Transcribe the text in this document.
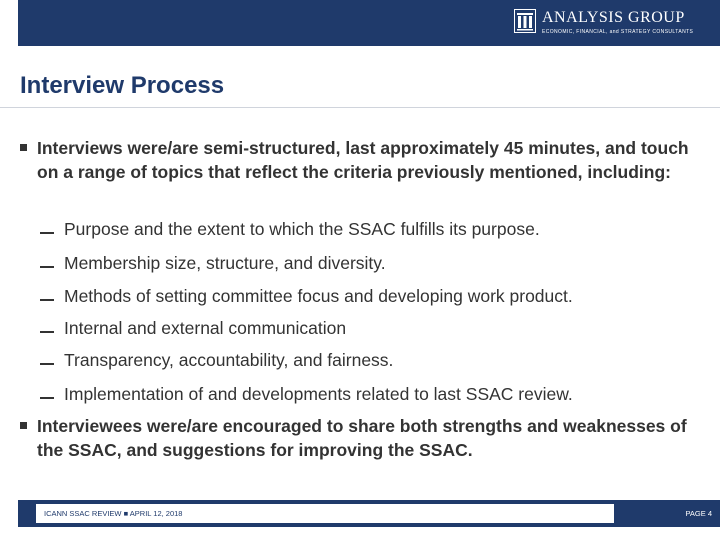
ANALYSIS GROUP
ECONOMIC, FINANCIAL, and STRATEGY CONSULTANTS
Interview Process
Interviews were/are semi-structured, last approximately 45 minutes, and touch on a range of topics that reflect the criteria previously mentioned, including:
Purpose and the extent to which the SSAC fulfills its purpose.
Membership size, structure, and diversity.
Methods of setting committee focus and developing work product.
Internal and external communication
Transparency, accountability, and fairness.
Implementation of and developments related to last SSAC review.
Interviewees were/are encouraged to share both strengths and weaknesses of the SSAC, and suggestions for improving the SSAC.
ICANN SSAC REVIEW ■ APRIL 12, 2018	PAGE 4
